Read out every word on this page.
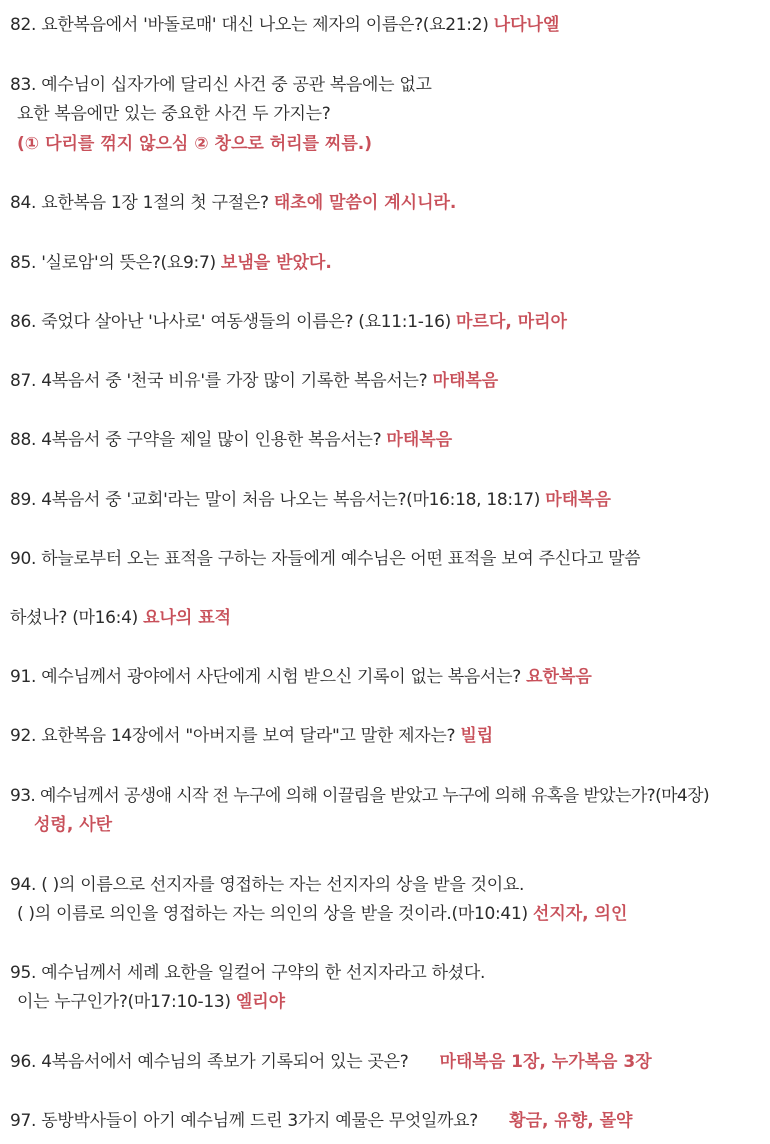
82. 요한복음에서 '바돌로매' 대신 나오는 제자의 이름은?(요21:2) 나다나엘
83. 예수님이 십자가에 달리신 사건 중 공관 복음에는 없고
요한 복음에만 있는 중요한 사건 두 가지는?
(① 다리를 꺾지 않으심 ② 창으로 허리를 찌름.)
84. 요한복음 1장 1절의 첫 구절은? 태초에 말씀이 계시니라.
85. '실로암'의 뜻은?(요9:7) 보냄을 받았다.
86. 죽었다 살아난 '나사로' 여동생들의 이름은? (요11:1-16) 마르다, 마리아
87. 4복음서 중 '천국 비유'를 가장 많이 기록한 복음서는? 마태복음
88. 4복음서 중 구약을 제일 많이 인용한 복음서는? 마태복음
89. 4복음서 중 '교회'라는 말이 처음 나오는 복음서는?(마16:18, 18:17) 마태복음
90. 하늘로부터 오는 표적을 구하는 자들에게 예수님은 어떤 표적을 보여 주신다고 말씀
하셨나? (마16:4) 요나의 표적
91. 예수님께서 광야에서 사단에게 시험 받으신 기록이 없는 복음서는? 요한복음
92. 요한복음 14장에서 "아버지를 보여 달라"고 말한 제자는? 빌립
93. 예수님께서 공생애 시작 전 누구에 의해 이끌림을 받았고 누구에 의해 유혹을 받았는가?(마4장)
성령, 사탄
94. ( )의 이름으로 선지자를 영접하는 자는 선지자의 상을 받을 것이요.
( )의 이름로 의인을 영접하는 자는 의인의 상을 받을 것이라.(마10:41) 선지자, 의인
95. 예수님께서 세례 요한을 일컬어 구약의 한 선지자라고 하셨다.
이는 누구인가?(마17:10-13) 엘리야
96. 4복음서에서 예수님의 족보가 기록되어 있는 곳은? 마태복음 1장, 누가복음 3장
97. 동방박사들이 아기 예수님께 드린 3가지 예물은 무엇일까요? 황금, 유향, 몰약
